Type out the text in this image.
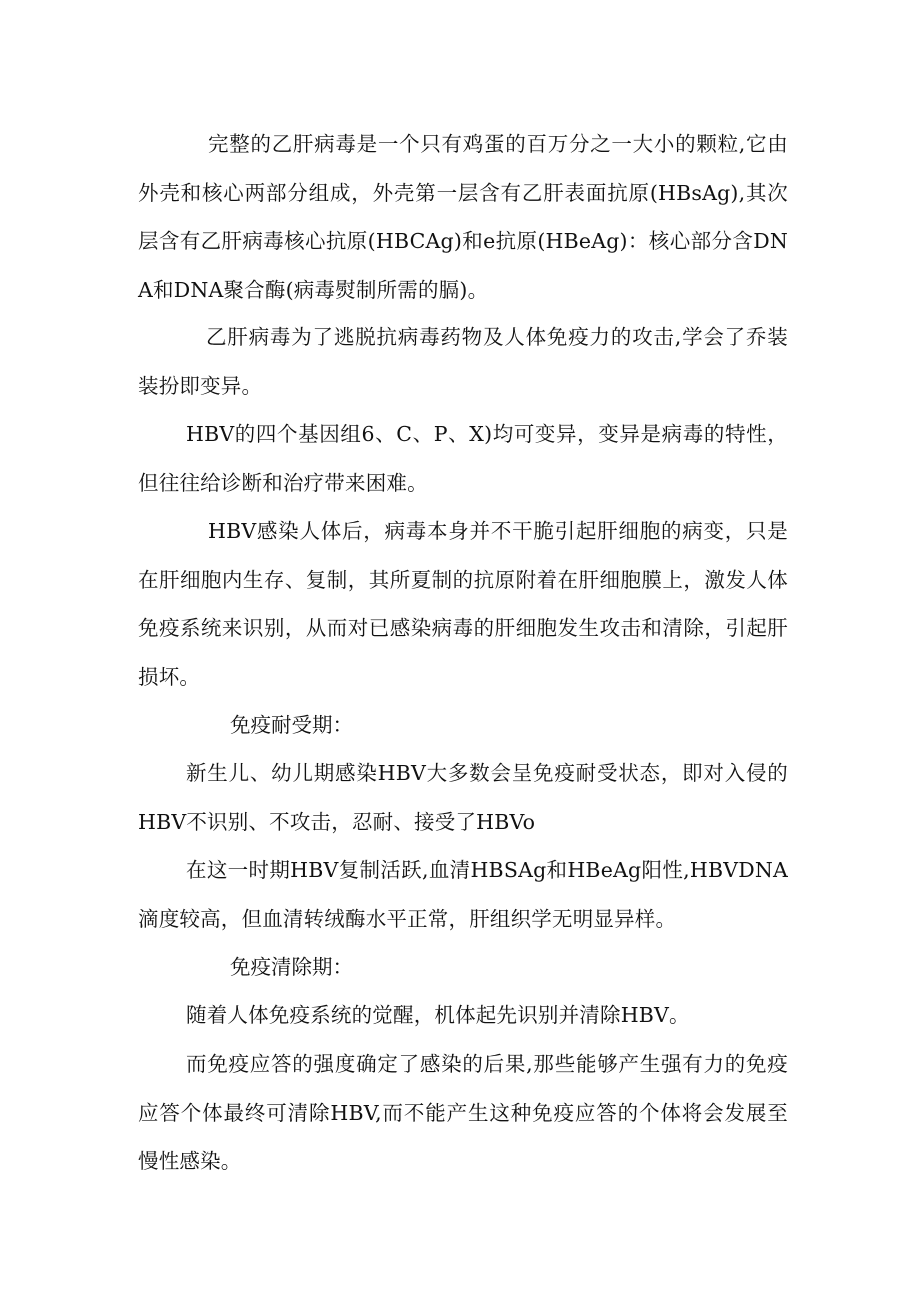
完整的乙肝病毒是一个只有鸡蛋的百万分之一大小的颗粒,它由外壳和核心两部分组成，外壳第一层含有乙肝表面抗原(HBsAg),其次层含有乙肝病毒核心抗原(HBCAg)和e抗原(HBeAg)：核心部分含DNA和DNA聚合酶(病毒熨制所需的膈)。

乙肝病毒为了逃脱抗病毒药物及人体免疫力的攻击,学会了乔装装扮即变异。

HBV的四个基因组6、C、P、X)均可变异，变异是病毒的特性，但往往给诊断和治疗带来困难。

HBV感染人体后，病毒本身并不干脆引起肝细胞的病变，只是在肝细胞内生存、复制，其所夏制的抗原附着在肝细胞膜上，激发人体免疫系统来识别，从而对已感染病毒的肝细胞发生攻击和清除，引起肝损坏。

免疫耐受期：

新生儿、幼儿期感染HBV大多数会呈免疫耐受状态，即对入侵的HBV不识别、不攻击，忍耐、接受了HBVo

在这一时期HBV复制活跃,血清HBSAg和HBeAg阳性,HBVDNA滴度较高，但血清转绒酶水平正常，肝组织学无明显异样。

免疫清除期：

随着人体免疫系统的觉醒，机体起先识别并清除HBV。

而免疫应答的强度确定了感染的后果,那些能够产生强有力的免疫应答个体最终可清除HBV,而不能产生这种免疫应答的个体将会发展至慢性感染。
